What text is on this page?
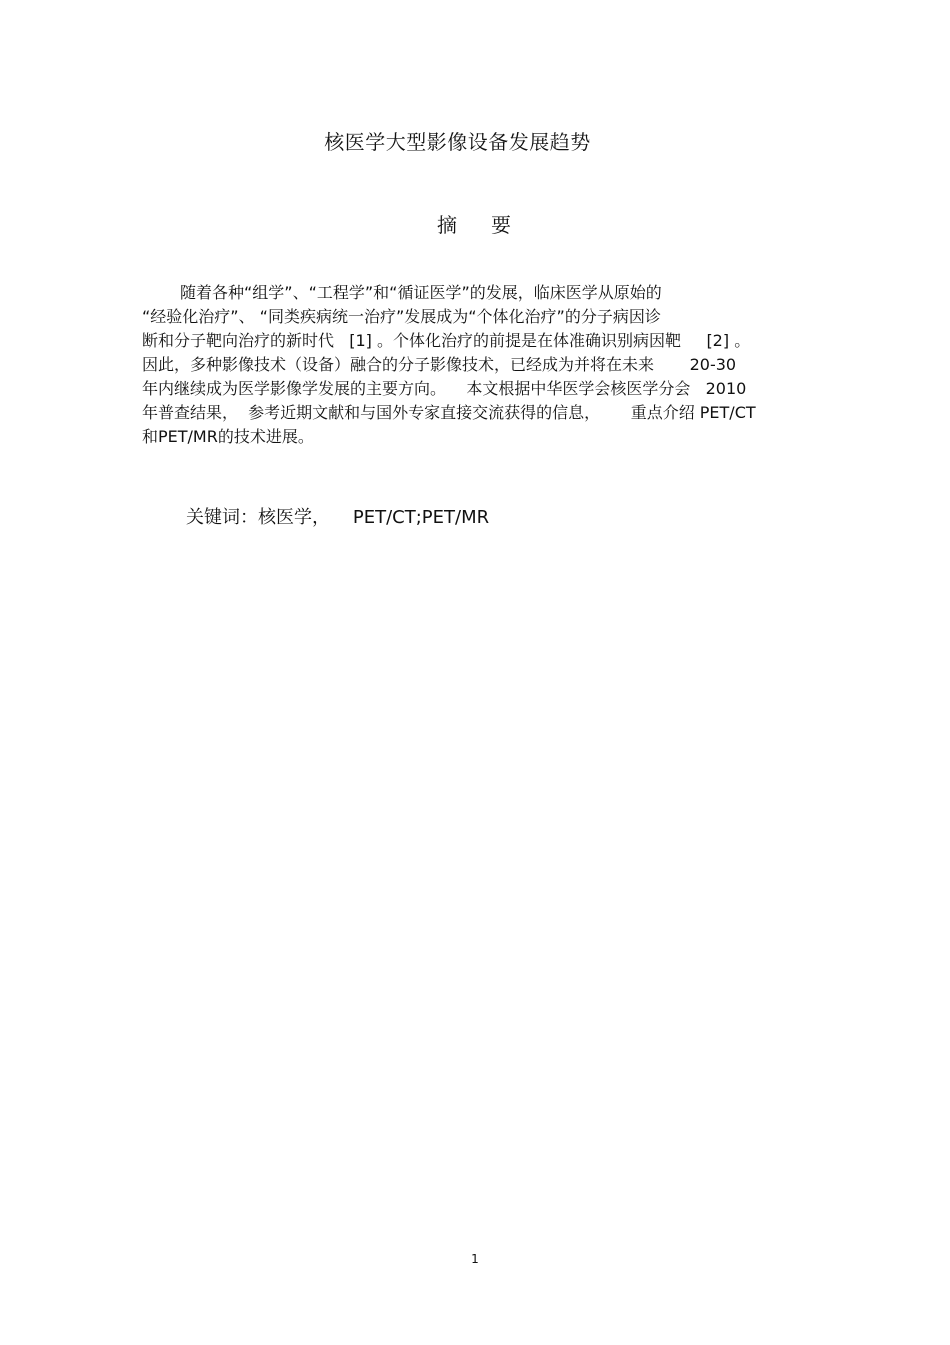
核医学大型影像设备发展趋势
摘 要
随着各种“组学”、“工程学”和“循证医学”的发展，临床医学从原始的
“经验化治疗”、 “同类疾病统一治疗”发展成为“个体化治疗”的分子病因诊
断和分子靶向治疗的新时代   [1] 。个体化治疗的前提是在体准确识别病因靶     [2] 。
因此，多种影像技术（设备）融合的分子影像技术，已经成为并将在未来       20-30
年内继续成为医学影像学发展的主要方向。    本文根据中华医学会核医学分会   2010
年普查结果，  参考近期文献和与国外专家直接交流获得的信息，      重点介绍 PET/CT
和PET/MR的技术进展。
关键词：核医学，    PET/CT;PET/MR
1
